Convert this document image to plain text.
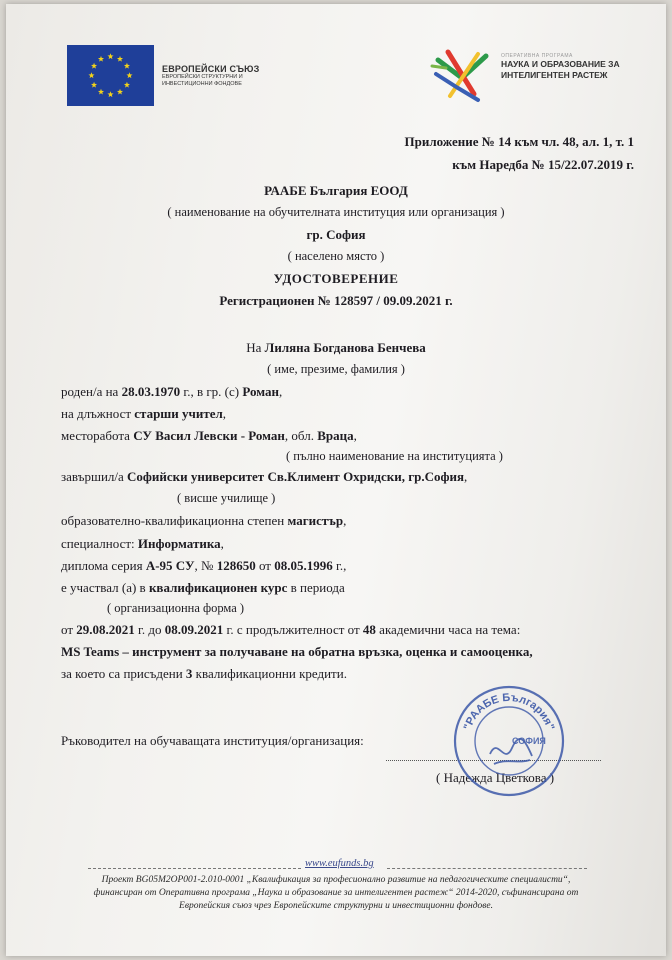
ЕВРОПЕЙСКИ СЪЮЗ
ЕВРОПЕЙСКИ СТРУКТУРНИ И ИНВЕСТИЦИОННИ ФОНДОВЕ
ОПЕРАТИВНА ПРОГРАМА
НАУКА И ОБРАЗОВАНИЕ ЗА
ИНТЕЛИГЕНТЕН РАСТЕЖ
Приложение № 14 към чл. 48, ал. 1, т. 1
към Наредба № 15/22.07.2019 г.
РААБЕ България ЕООД
( наименование на обучителната институция или организация )
гр. София
( населено място )
УДОСТОВЕРЕНИЕ
Регистрационен № 128597 / 09.09.2021 г.
На Лиляна Богданова Бенчева
( име, презиме, фамилия )
роден/а на 28.03.1970 г., в гр. (с) Роман,
на длъжност старши учител,
месторабота СУ Васил Левски - Роман, обл. Враца,
( пълно наименование на институцията )
завършил/а Софийски университет Св.Климент Охридски, гр.София,
( висше училище )
образователно-квалификационна степен магистър,
специалност: Информатика,
диплома серия А-95 СУ, № 128650 от 08.05.1996 г.,
е участвал (а) в квалификационен курс в периода
( организационна форма )
от 29.08.2021 г. до 08.09.2021 г. с продължителност от 48 академични часа на тема:
MS Teams – инструмент за получаване на обратна връзка, оценка и самооценка,
за което са присъдени 3 квалификационни кредити.
Ръководител на обучаващата институция/организация:
( Надежда Цветкова )
"РААБЕ България"
СОФИЯ
www.eufunds.bg
Проект BG05M2OP001-2.010-0001 „Квалификация за професионално развитие на педагогическите специалисти“,
финансиран от Оперативна програма „Наука и образование за интелигентен растеж“ 2014-2020, съфинансирана от
Европейския съюз чрез Европейските структурни и инвестиционни фондове.
